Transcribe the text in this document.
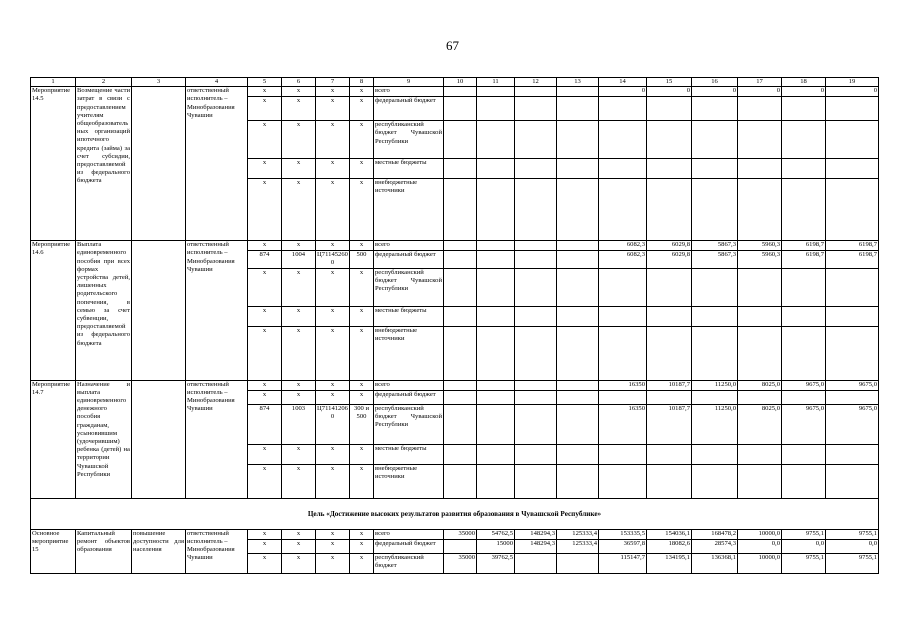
67
1	2	3	4	5	6	7	8	9	10	11	12	13	14	15	16	17	18	19
Мероприятие 14.5	Возмещение части затрат в связи с предоставлением учителям общеобразовательных организаций ипотечного кредита (займа) за счет субсидии, предоставляемой из федерального бюджета		ответственный исполнитель – Минобразования Чувашии	x	x	x	x	всего					0	0	0	0	0	0
				x	x	x	x	федеральный бюджет										
				x	x	x	x	республиканский бюджет Чувашской Республики										
				x	x	x	x	местные бюджеты										
				x	x	x	x	внебюджетные источники										
Мероприятие 14.6	Выплата единовременного пособия при всех формах устройства детей, лишенных родительского попечения, в семью за счет субвенции, предоставляемой из федерального бюджета		ответственный исполнитель – Минобразования Чувашии	x	x	x	x	всего					6082,3	6029,8	5867,3	5960,3	6198,7	6198,7
				874	1004	Ц711452600	500	федеральный бюджет					6082,3	6029,8	5867,3	5960,3	6198,7	6198,7
				x	x	x	x	республиканский бюджет Чувашской Республики										
				x	x	x	x	местные бюджеты										
				x	x	x	x	внебюджетные источники										
Мероприятие 14.7	Назначение и выплата единовременного денежного пособия гражданам, усыновившим (удочерившим) ребенка (детей) на территории Чувашской Республики		ответственный исполнитель – Минобразования Чувашии	x	x	x	x	всего					16350	10187,7	11250,0	8025,0	9675,0	9675,0
				x	x	x	x	федеральный бюджет										
				874	1003	Ц711412060	300 и 500	республиканский бюджет Чувашской Республики					16350	10187,7	11250,0	8025,0	9675,0	9675,0
				x	x	x	x	местные бюджеты										
				x	x	x	x	внебюджетные источники										
Цель «Достижение высоких результатов развития образования в Чувашской Республике»																		
Основное мероприятие 15	Капитальный ремонт объектов образования	повышение доступности для населения	ответственный исполнитель – Минобразования Чувашии	x	x	x	x	всего	35000	54762,5	148294,3	125333,4	153335,5	154036,1	168478,2	10000,0	9755,1	9755,1
				x	x	x	x	федеральный бюджет		15000	148294,3	125333,4	36597,8	18082,6	28574,3	0,0	0,0	0,0
				x	x	x	x	республиканский бюджет	35000	39762,5			115147,7	134195,1	136368,1	10000,0	9755,1	9755,1
